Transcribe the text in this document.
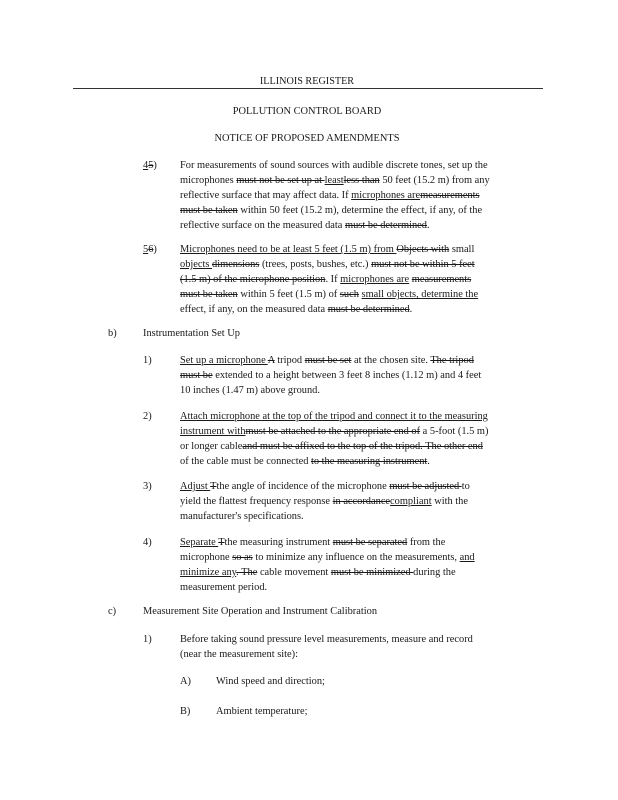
ILLINOIS REGISTER
POLLUTION CONTROL BOARD
NOTICE OF PROPOSED AMENDMENTS
45) For measurements of sound sources with audible discrete tones, set up the
microphones must not be set up at leastless than 50 feet (15.2 m) from any
reflective surface that may affect data. If microphones aremeasurements
must be taken within 50 feet (15.2 m), determine the effect, if any, of the
reflective surface on the measured data must be determined.
56) Microphones need to be at least 5 feet (1.5 m) from Objects with small
objects dimensions (trees, posts, bushes, etc.) must not be within 5 feet
(1.5 m) of the microphone position. If microphones are measurements
must be taken within 5 feet (1.5 m) of such small objects, determine the
effect, if any, on the measured data must be determined.
b)	Instrumentation Set Up
1)	Set up a microphone A tripod must be set at the chosen site. The tripod
must be extended to a height between 3 feet 8 inches (1.12 m) and 4 feet
10 inches (1.47 m) above ground.
2)	Attach microphone at the top of the tripod and connect it to the measuring
instrument withmust be attached to the appropriate end of a 5-foot (1.5 m)
or longer cableand must be affixed to the top of the tripod. The other end
of the cable must be connected to the measuring instrument.
3)	Adjust Tthe angle of incidence of the microphone must be adjusted to
yield the flattest frequency response in accordancecompliant with the
manufacturer's specifications.
4)	Separate Tthe measuring instrument must be separated from the
microphone so as to minimize any influence on the measurements, and
minimize any. The cable movement must be minimized during the
measurement period.
c)	Measurement Site Operation and Instrument Calibration
1)	Before taking sound pressure level measurements, measure and record
(near the measurement site):
A) Wind speed and direction;
B) Ambient temperature;
